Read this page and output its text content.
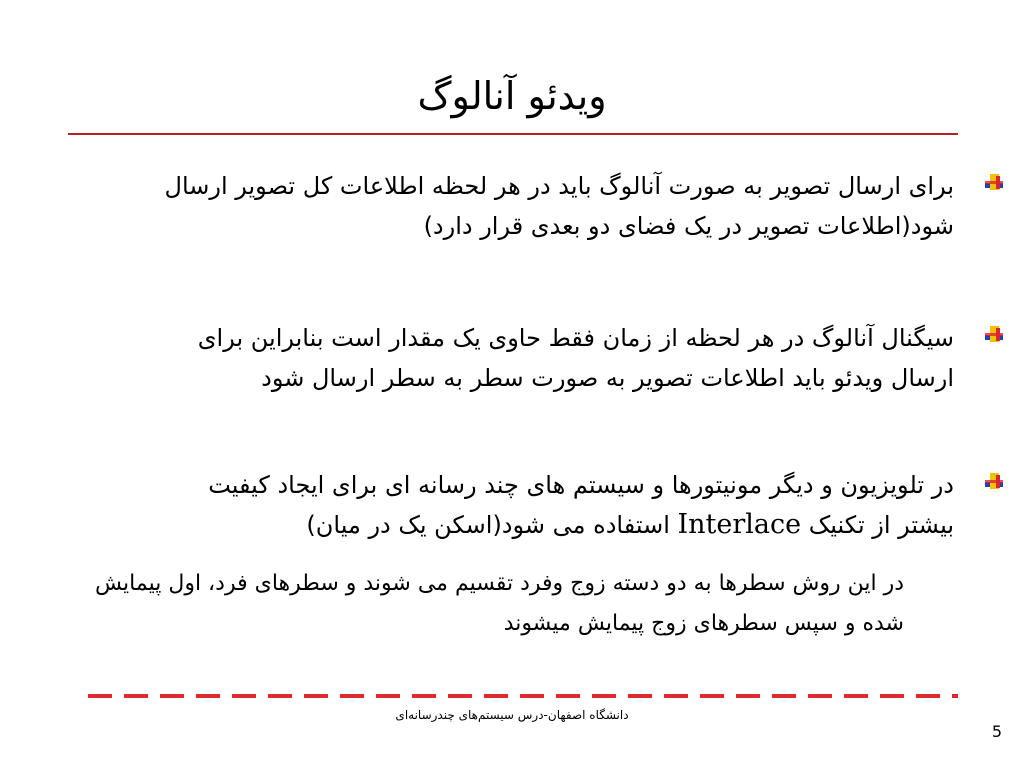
ویدئو آنالوگ
برای ارسال تصویر به صورت آنالوگ باید در هر لحظه اطلاعات کل تصویر ارسال
شود(اطلاعات تصویر در یک فضای دو بعدی قرار دارد)
سیگنال آنالوگ در هر لحظه از زمان فقط حاوی یک مقدار است بنابراین برای
ارسال ویدئو باید اطلاعات تصویر به صورت سطر به سطر ارسال شود
در تلویزیون و دیگر مونیتورها و سیستم های چند رسانه ای برای ایجاد کیفیت
بیشتر از تکنیک Interlace استفاده می شود(اسکن یک در میان)
در این روش سطرها به دو دسته زوج وفرد تقسیم می شوند و سطرهای فرد، اول پیمایش
شده و سپس سطرهای زوج پیمایش میشوند
دانشگاه اصفهان-درس سیستم‌های چندرسانه‌ای
5
